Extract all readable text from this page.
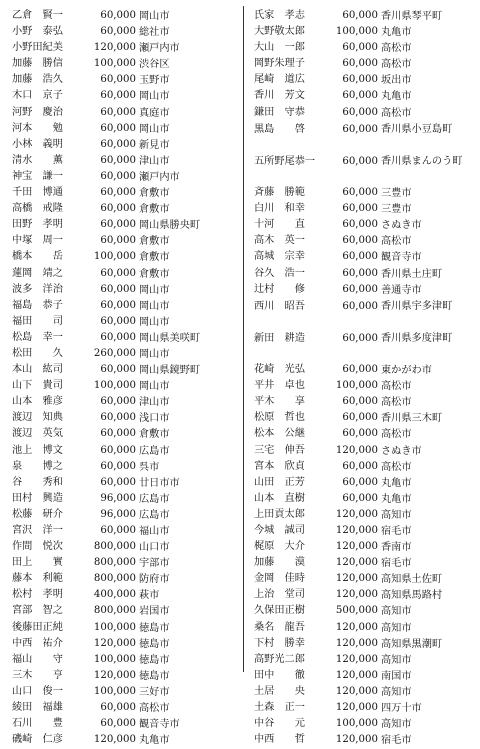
乙倉　賢一	60,000 岡山市
小野　泰弘	60,000 総社市
小野田紀美	120,000 瀬戸内市
加藤　勝信	100,000 渋谷区
加藤　浩久	60,000 玉野市
木口　京子	60,000 岡山市
河野　慶治	60,000 真庭市
河本　　勉	60,000 岡山市
小林　義明	60,000 新見市
清水　　薫	60,000 津山市
神宝　謙一	60,000 瀬戸内市
千田　博通	60,000 倉敷市
高橋　戒隆	60,000 倉敷市
田野　孝明	60,000 岡山県勝央町
中塚　周一	60,000 倉敷市
橋本　　岳	100,000 倉敷市
蓮岡　靖之	60,000 倉敷市
波多　洋治	60,000 岡山市
福島　恭子	60,000 岡山市
福田　　司	60,000 岡山市
松島　幸一	60,000 岡山県美咲町
松田　　久	260,000 岡山市
本山　紘司	60,000 岡山県鏡野町
山下　貴司	100,000 岡山市
山本　雅彦	60,000 津山市
渡辺　知典	60,000 浅口市
渡辺　英気	60,000 倉敷市
池上　博文	60,000 広島市
泉　　博之	60,000 呉市
谷　　秀和	60,000 廿日市市
田村　興造	96,000 広島市
松藤　研介	96,000 広島市
宮沢　洋一	60,000 福山市
作間　悦次	800,000 山口市
田上　　實	800,000 宇部市
藤本　利範	800,000 防府市
松村　孝明	400,000 萩市
宮部　智之	800,000 岩国市
後藤田正純	100,000 徳島市
中西　祐介	120,000 徳島市
福山　　守	100,000 徳島市
三木　　亨	120,000 徳島市
山口　俊一	100,000 三好市
綾田　福雄	60,000 高松市
石川　　豊	60,000 観音寺市
磯崎　仁彦	120,000 丸亀市
氏家　孝志	60,000 香川県琴平町
大野敬太郎	100,000 丸亀市
大山　一郎	60,000 高松市
岡野朱理子	60,000 高松市
尾崎　道広	60,000 坂出市
香川　芳文	60,000 丸亀市
鎌田　守恭	60,000 高松市
黒島　　啓	60,000 香川県小豆島町
五所野尾恭一	60,000 香川県まんのう町
斉藤　勝範	60,000 三豊市
白川　和幸	60,000 三豊市
十河　　直	60,000 さぬき市
高木　英一	60,000 高松市
高城　宗幸	60,000 観音寺市
谷久　浩一	60,000 香川県土庄町
辻村　　修	60,000 善通寺市
西川　昭吾	60,000 香川県宇多津町
新田　耕造	60,000 香川県多度津町
花崎　光弘	60,000 東かがわ市
平井　卓也	100,000 高松市
平木　　享	60,000 高松市
松原　哲也	60,000 香川県三木町
松本　公継	60,000 高松市
三宅　伸吾	120,000 さぬき市
宮本　欣貞	60,000 高松市
山田　正芳	60,000 丸亀市
山本　直樹	60,000 丸亀市
上田貢太郎	120,000 高知市
今城　誠司	120,000 宿毛市
梶原　大介	120,000 香南市
加藤　　漠	120,000 宿毛市
金岡　佳時	120,000 高知県土佐町
上治　堂司	120,000 高知県馬路村
久保田正樹	500,000 高知市
桑名　龍吾	120,000 高知市
下村　勝幸	120,000 高知県黒潮町
高野光二郎	120,000 高知市
田中　　徹	120,000 南国市
土居　　央	120,000 高知市
土森　正一	120,000 四万十市
中谷　　元	100,000 高知市
中西　　哲	120,000 宿毛市
